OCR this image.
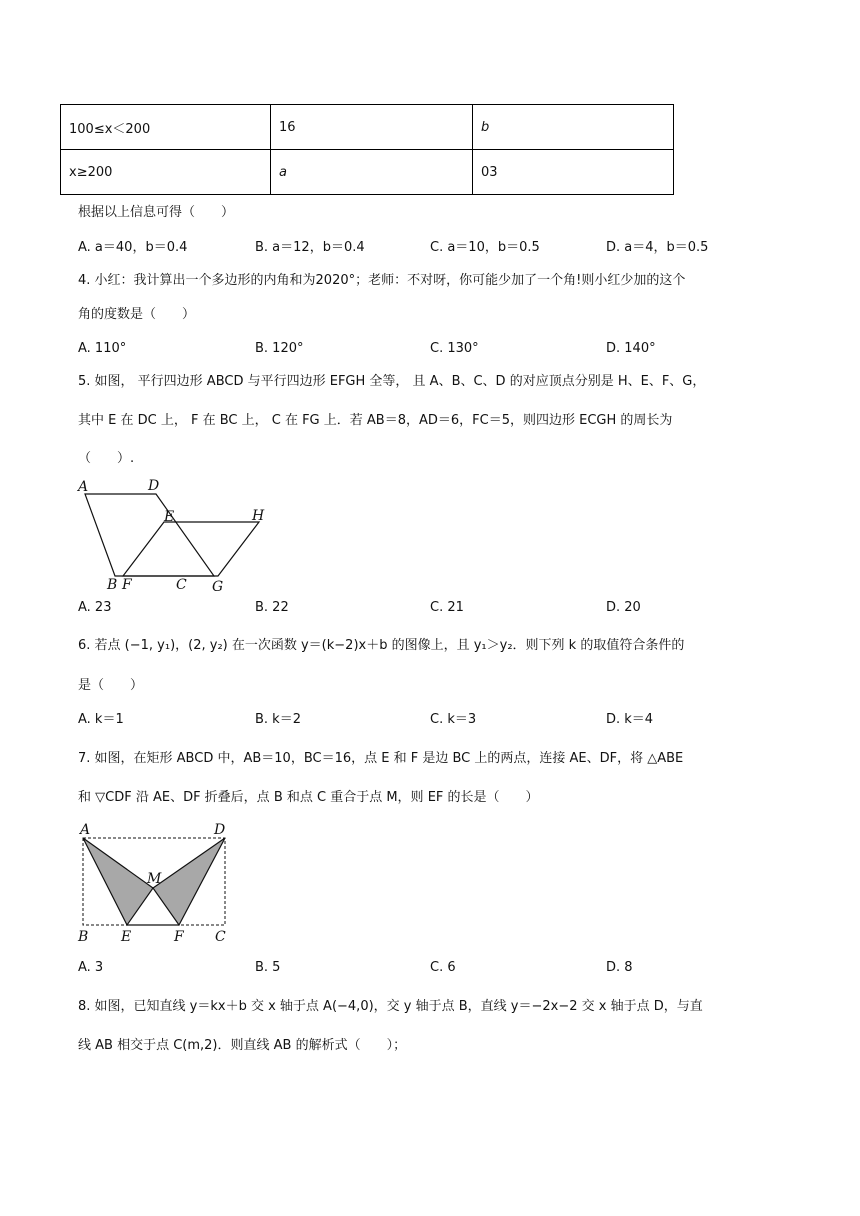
100≤x＜200	16	b
x≥200	a	03
根据以上信息可得（　　）
A. a＝40，b＝0.4	B. a＝12，b＝0.4	C. a＝10，b＝0.5	D. a＝4，b＝0.5
4. 小红：我计算出一个多边形的内角和为2020°；老师：不对呀，你可能少加了一个角!则小红少加的这个
角的度数是（　　）
A. 110°	B. 120°	C. 130°	D. 140°
5. 如图， 平行四边形 ABCD 与平行四边形 EFGH 全等， 且 A、B、C、D 的对应顶点分别是 H、E、F、G，
其中 E 在 DC 上， F 在 BC 上， C 在 FG 上．若 AB＝8，AD＝6，FC＝5，则四边形 ECGH 的周长为
（　　）.
A	D
E	H
B F	C G
A. 23	B. 22	C. 21	D. 20
6. 若点 (−1, y₁)，(2, y₂) 在一次函数 y＝(k−2)x＋b 的图像上，且 y₁＞y₂．则下列 k 的取值符合条件的
是（　　）
A. k＝1	B. k＝2	C. k＝3	D. k＝4
7. 如图，在矩形 ABCD 中，AB＝10，BC＝16，点 E 和 F 是边 BC 上的两点，连接 AE、DF，将 △ABE
和 ▽CDF 沿 AE、DF 折叠后，点 B 和点 C 重合于点 M，则 EF 的长是（　　）
A	D
M
B E	F C
A. 3	B. 5	C. 6	D. 8
8. 如图，已知直线 y＝kx＋b 交 x 轴于点 A(−4,0)，交 y 轴于点 B，直线 y＝−2x−2 交 x 轴于点 D，与直
线 AB 相交于点 C(m,2)．则直线 AB 的解析式（　　）；
